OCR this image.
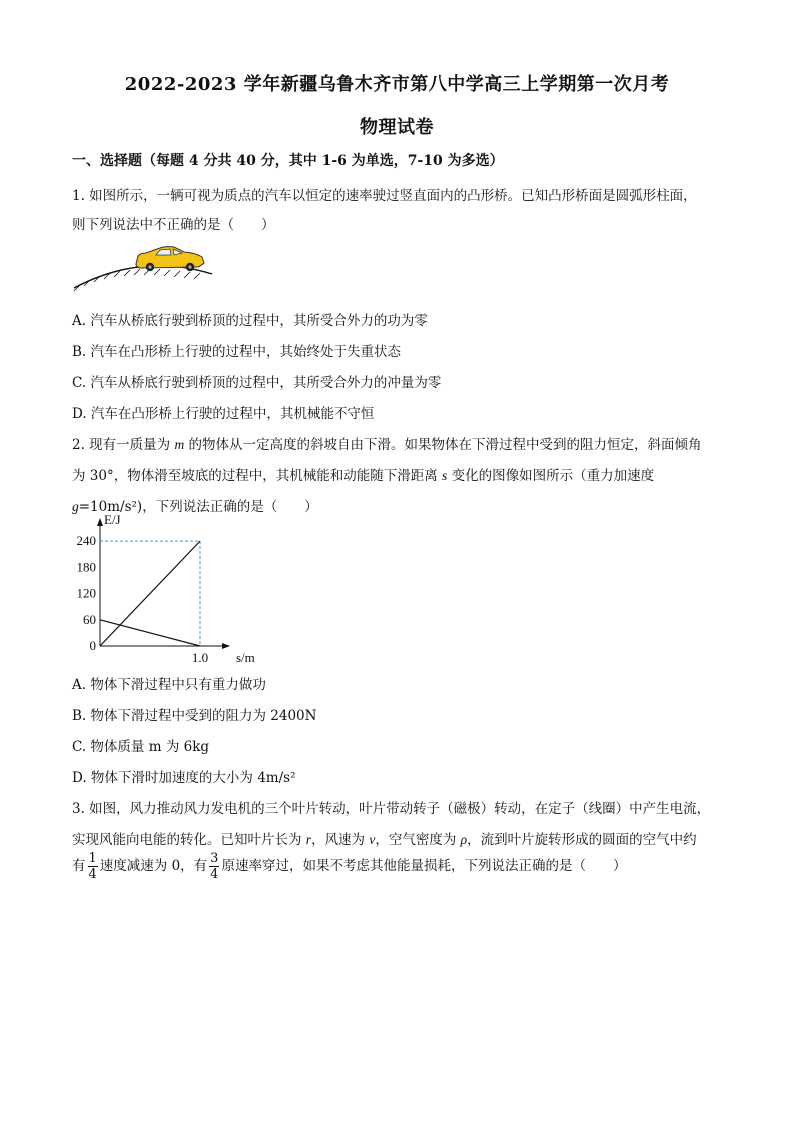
2022-2023 学年新疆乌鲁木齐市第八中学高三上学期第一次月考
物理试卷
一、选择题（每题 4 分共 40 分，其中 1-6 为单选，7-10 为多选）
1. 如图所示，一辆可视为质点的汽车以恒定的速率驶过竖直面内的凸形桥。已知凸形桥面是圆弧形柱面，
则下列说法中不正确的是（　　）
A. 汽车从桥底行驶到桥顶的过程中，其所受合外力的功为零
B. 汽车在凸形桥上行驶的过程中，其始终处于失重状态
C. 汽车从桥底行驶到桥顶的过程中，其所受合外力的冲量为零
D. 汽车在凸形桥上行驶的过程中，其机械能不守恒
2. 现有一质量为 m 的物体从一定高度的斜坡自由下滑。如果物体在下滑过程中受到的阻力恒定，斜面倾角
为 30°，物体滑至坡底的过程中，其机械能和动能随下滑距离 s 变化的图像如图所示（重力加速度
g=10m/s²)，下列说法正确的是（　　）
0
60
120
180
240
1.0
E/J
s/m
A. 物体下滑过程中只有重力做功
B. 物体下滑过程中受到的阻力为 2400N
C. 物体质量 m 为 6kg
D. 物体下滑时加速度的大小为 4m/s²
3. 如图，风力推动风力发电机的三个叶片转动，叶片带动转子（磁极）转动，在定子（线圈）中产生电流，
实现风能向电能的转化。已知叶片长为 r，风速为 v，空气密度为 ρ，流到叶片旋转形成的圆面的空气中约
有 $\frac{1}{4}$ 速度减速为 0，有 $\frac{3}{4}$ 原速率穿过，如果不考虑其他能量损耗，下列说法正确的是（　　）
